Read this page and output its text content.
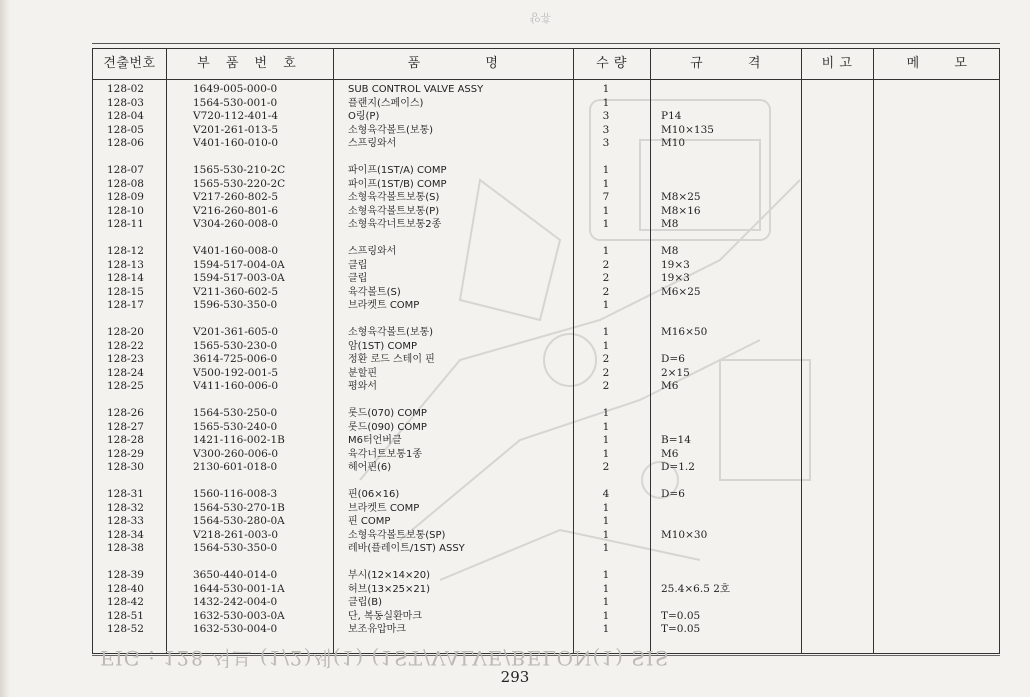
휴양
견출번호	부 품 번 호	품 명	수 량	규 격	비 고	메 모
128-02	1649-005-000-0	SUB CONTROL VALVE ASSY	1
128-03	1564-530-001-0	플랜지(스페이스)	1
128-04	V720-112-401-4	O링(P)	3	P14
128-05	V201-261-013-5	소형육각볼트(보통)	3	M10×135
128-06	V401-160-010-0	스프링와서	3	M10
128-07	1565-530-210-2C	파이프(1ST/A) COMP	1
128-08	1565-530-220-2C	파이프(1ST/B) COMP	1
128-09	V217-260-802-5	소형육각볼트보통(S)	7	M8×25
128-10	V216-260-801-6	소형육각볼트보통(P)	1	M8×16
128-11	V304-260-008-0	소형육각너트보통2종	1	M8
128-12	V401-160-008-0	스프링와서	1	M8
128-13	1594-517-004-0A	클립	2	19×3
128-14	1594-517-003-0A	클립	2	19×3
128-15	V211-360-602-5	육각볼트(S)	2	M6×25
128-17	1596-530-350-0	브라켓트 COMP	1
128-20	V201-361-605-0	소형육각볼트(보통)	1	M16×50
128-22	1565-530-230-0	암(1ST) COMP	1
128-23	3614-725-006-0	정환 로드 스테이 핀	2	D=6
128-24	V500-192-001-5	분할핀	2	2×15
128-25	V411-160-006-0	평와서	2	M6
128-26	1564-530-250-0	롯드(070) COMP	1
128-27	1565-530-240-0	롯드(090) COMP	1
128-28	1421-116-002-1B	M6터언버클	1	B=14
128-29	V300-260-006-0	육각너트보통1종	1	M6
128-30	2130-601-018-0	헤어핀(6)	2	D=1.2
128-31	1560-116-008-3	핀(06×16)	4	D=6
128-32	1564-530-270-1B	브라켓트 COMP	1
128-33	1564-530-280-0A	핀 COMP	1
128-34	V218-261-003-0	소형육각볼트보통(SP)	1	M10×30
128-38	1564-530-350-0	레바(플레이트/1ST) ASSY	1
128-39	3650-440-014-0	부시(12×14×20)	1
128-40	1644-530-001-1A	허브(13×25×21)	1	25.4×6.5 2호
128-42	1432-242-004-0	클립(B)	1
128-51	1632-530-003-0A	단, 복동실환마크	1	T=0.05
128-52	1632-530-004-0	보조유압마크	1	T=0.05
FIG : 128 서브 (1/2)세(1) (1ST/VALVE/BELON(1) SIS
293
